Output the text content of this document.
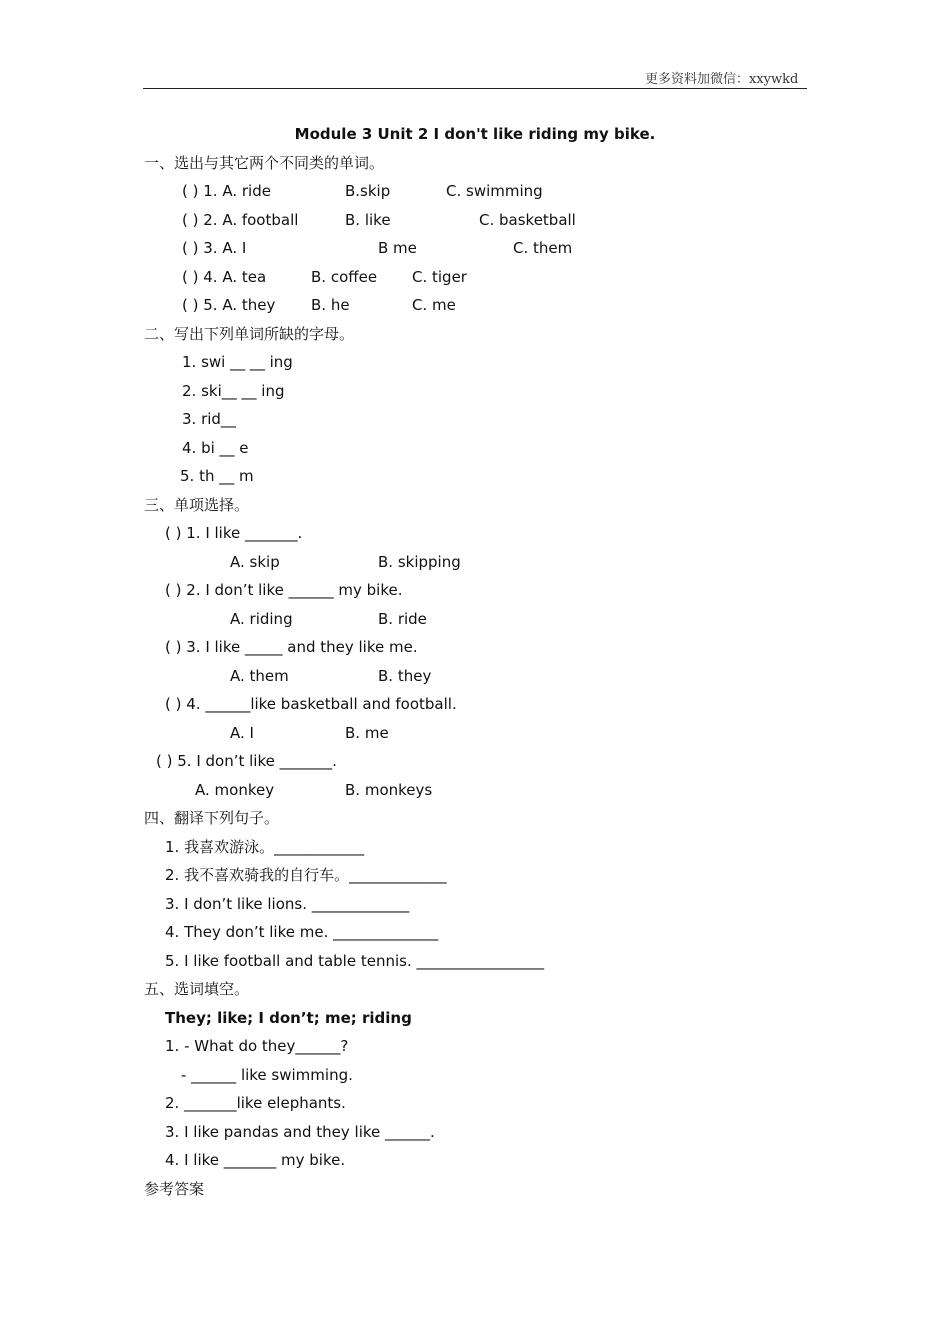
更多资料加微信：xxywkd
Module 3 Unit 2 I don't like riding my bike.
一、选出与其它两个不同类的单词。
( ) 1. A. ride	B.skip	C. swimming
( ) 2. A. football	B. like	C. basketball
( ) 3. A. I	B me	C. them
( ) 4. A. tea	B. coffee C. tiger
( ) 5. A. they B. he	C. me
二、写出下列单词所缺的字母。
1. swi __ __ ing
2. ski__ __ ing
3. rid__
4. bi __ e
5. th __ m
三、单项选择。
( ) 1. I like _______.
A. skip	B. skipping
( ) 2. I don’t like ______ my bike.
A. riding	B. ride
( ) 3. I like _____ and they like me.
A. them	B. they
( ) 4. ______like basketball and football.
A. I	B. me
( ) 5. I don’t like _______.
A. monkey	B. monkeys
四、翻译下列句子。
1. 我喜欢游泳。____________
2. 我不喜欢骑我的自行车。_____________
3. I don’t like lions. _____________
4. They don’t like me. ______________
5. I like football and table tennis. _________________
五、选词填空。
They; like; I don’t; me; riding
1. - What do they______?
- ______ like swimming.
2. _______like elephants.
3. I like pandas and they like ______.
4. I like _______ my bike.
参考答案
